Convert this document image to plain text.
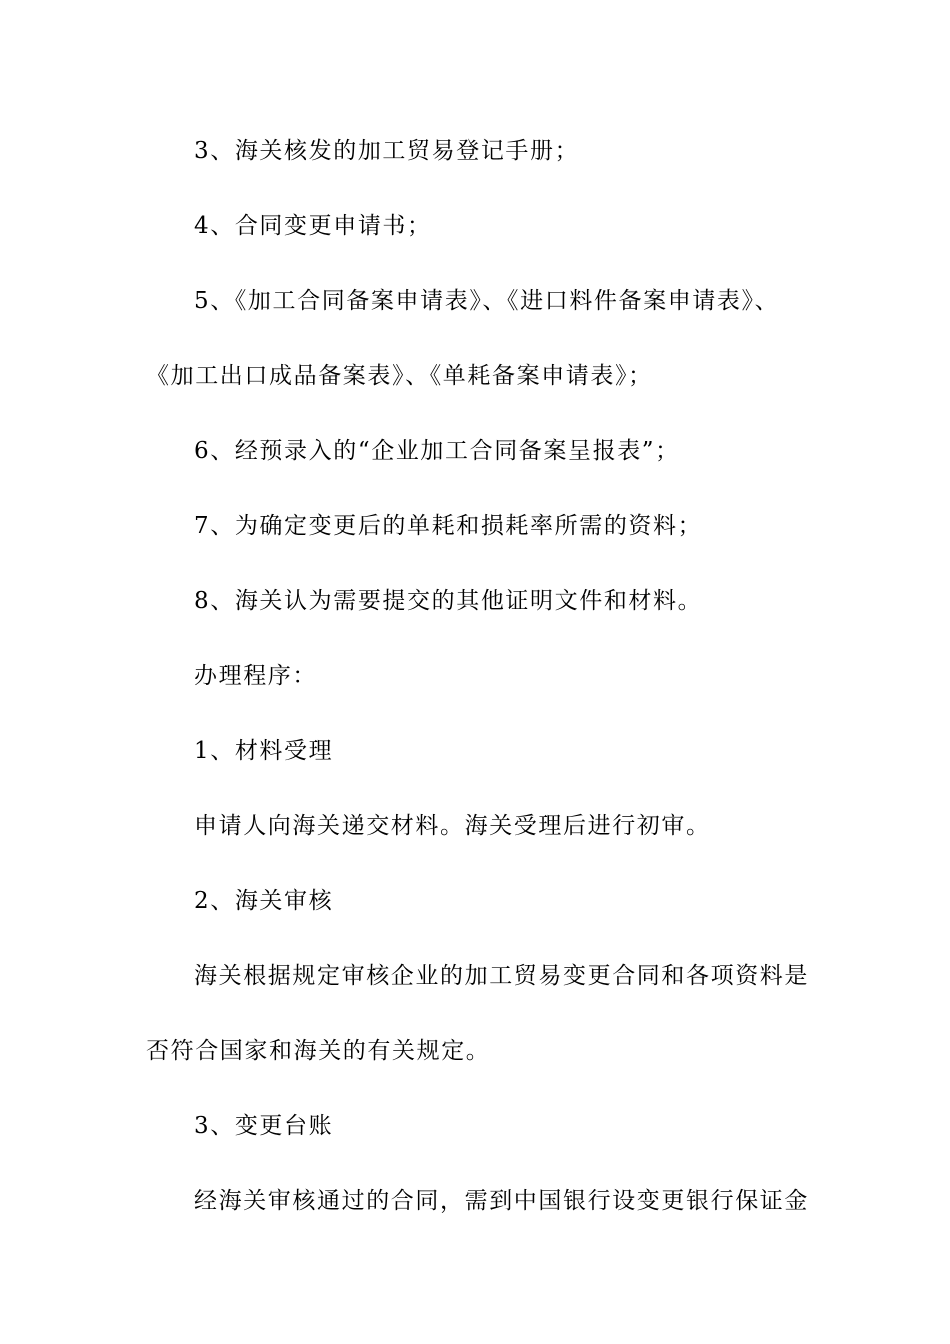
3、海关核发的加工贸易登记手册；
4、合同变更申请书；
5、《加工合同备案申请表》、《进口料件备案申请表》、
《加工出口成品备案表》、《单耗备案申请表》；
6、经预录入的“企业加工合同备案呈报表”；
7、为确定变更后的单耗和损耗率所需的资料；
8、海关认为需要提交的其他证明文件和材料。
办理程序：
1、材料受理
申请人向海关递交材料。海关受理后进行初审。
2、海关审核
海关根据规定审核企业的加工贸易变更合同和各项资料是
否符合国家和海关的有关规定。
3、变更台账
经海关审核通过的合同，需到中国银行设变更银行保证金
